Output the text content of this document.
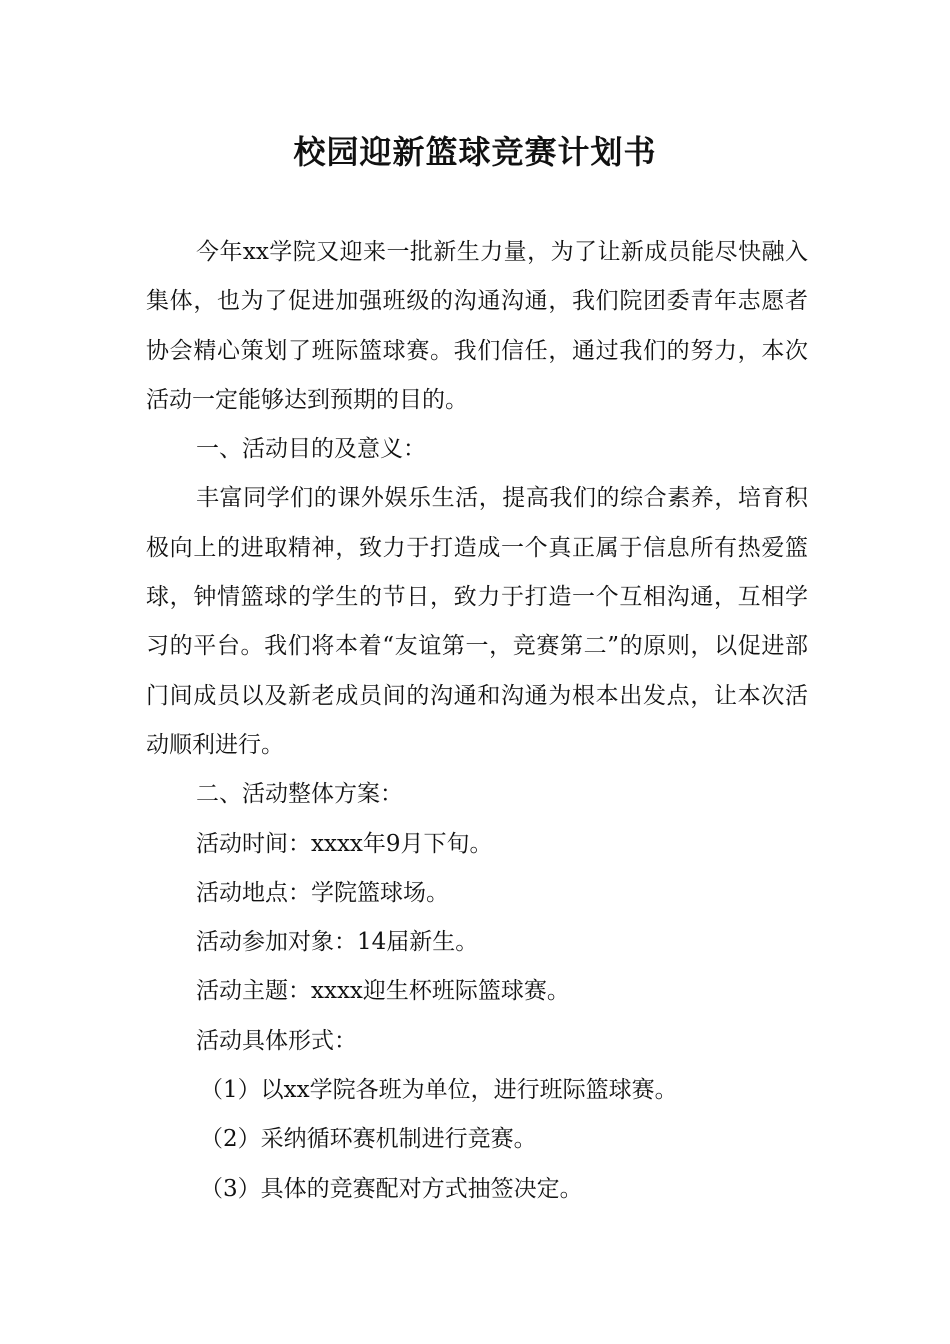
校园迎新篮球竞赛计划书

今年xx学院又迎来一批新生力量，为了让新成员能尽快融入集体，也为了促进加强班级的沟通沟通，我们院团委青年志愿者协会精心策划了班际篮球赛。我们信任，通过我们的努力，本次活动一定能够达到预期的目的。

一、活动目的及意义：

丰富同学们的课外娱乐生活，提高我们的综合素养，培育积极向上的进取精神，致力于打造成一个真正属于信息所有热爱篮球，钟情篮球的学生的节日，致力于打造一个互相沟通，互相学习的平台。我们将本着“友谊第一，竞赛第二”的原则，以促进部门间成员以及新老成员间的沟通和沟通为根本出发点，让本次活动顺利进行。

二、活动整体方案：

活动时间：xxxx年9月下旬。

活动地点：学院篮球场。

活动参加对象：14届新生。

活动主题：xxxx迎生杯班际篮球赛。

活动具体形式：

（1）以xx学院各班为单位，进行班际篮球赛。

（2）采纳循环赛机制进行竞赛。

（3）具体的竞赛配对方式抽签决定。
